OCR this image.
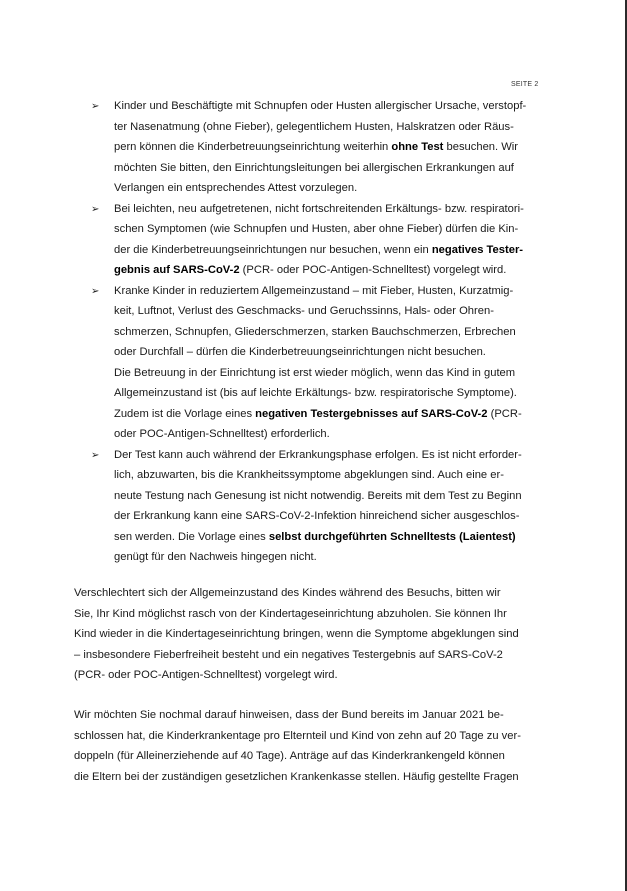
SEITE 2
➢ Kinder und Beschäftigte mit Schnupfen oder Husten allergischer Ursache, verstopf-
ter Nasenatmung (ohne Fieber), gelegentlichem Husten, Halskratzen oder Räus-
pern können die Kinderbetreuungseinrichtung weiterhin ohne Test besuchen. Wir
möchten Sie bitten, den Einrichtungsleitungen bei allergischen Erkrankungen auf
Verlangen ein entsprechendes Attest vorzulegen.

➢ Bei leichten, neu aufgetretenen, nicht fortschreitenden Erkältungs- bzw. respiratori-
schen Symptomen (wie Schnupfen und Husten, aber ohne Fieber) dürfen die Kin-
der die Kinderbetreuungseinrichtungen nur besuchen, wenn ein negatives Tester-
gebnis auf SARS-CoV-2 (PCR- oder POC-Antigen-Schnelltest) vorgelegt wird.

➢ Kranke Kinder in reduziertem Allgemeinzustand – mit Fieber, Husten, Kurzatmig-
keit, Luftnot, Verlust des Geschmacks- und Geruchssinns, Hals- oder Ohren-
schmerzen, Schnupfen, Gliederschmerzen, starken Bauchschmerzen, Erbrechen
oder Durchfall – dürfen die Kinderbetreuungseinrichtungen nicht besuchen.
Die Betreuung in der Einrichtung ist erst wieder möglich, wenn das Kind in gutem
Allgemeinzustand ist (bis auf leichte Erkältungs- bzw. respiratorische Symptome).
Zudem ist die Vorlage eines negativen Testergebnisses auf SARS-CoV-2 (PCR-
oder POC-Antigen-Schnelltest) erforderlich.

➢ Der Test kann auch während der Erkrankungsphase erfolgen. Es ist nicht erforder-
lich, abzuwarten, bis die Krankheitssymptome abgeklungen sind. Auch eine er-
neute Testung nach Genesung ist nicht notwendig. Bereits mit dem Test zu Beginn
der Erkrankung kann eine SARS-CoV-2-Infektion hinreichend sicher ausgeschlos-
sen werden. Die Vorlage eines selbst durchgeführten Schnelltests (Laientest)
genügt für den Nachweis hingegen nicht.

Verschlechtert sich der Allgemeinzustand des Kindes während des Besuchs, bitten wir
Sie, Ihr Kind möglichst rasch von der Kindertageseinrichtung abzuholen. Sie können Ihr
Kind wieder in die Kindertageseinrichtung bringen, wenn die Symptome abgeklungen sind
– insbesondere Fieberfreiheit besteht und ein negatives Testergebnis auf SARS-CoV-2
(PCR- oder POC-Antigen-Schnelltest) vorgelegt wird.

Wir möchten Sie nochmal darauf hinweisen, dass der Bund bereits im Januar 2021 be-
schlossen hat, die Kinderkrankentage pro Elternteil und Kind von zehn auf 20 Tage zu ver-
doppeln (für Alleinerziehende auf 40 Tage). Anträge auf das Kinderkrankengeld können
die Eltern bei der zuständigen gesetzlichen Krankenkasse stellen. Häufig gestellte Fragen
